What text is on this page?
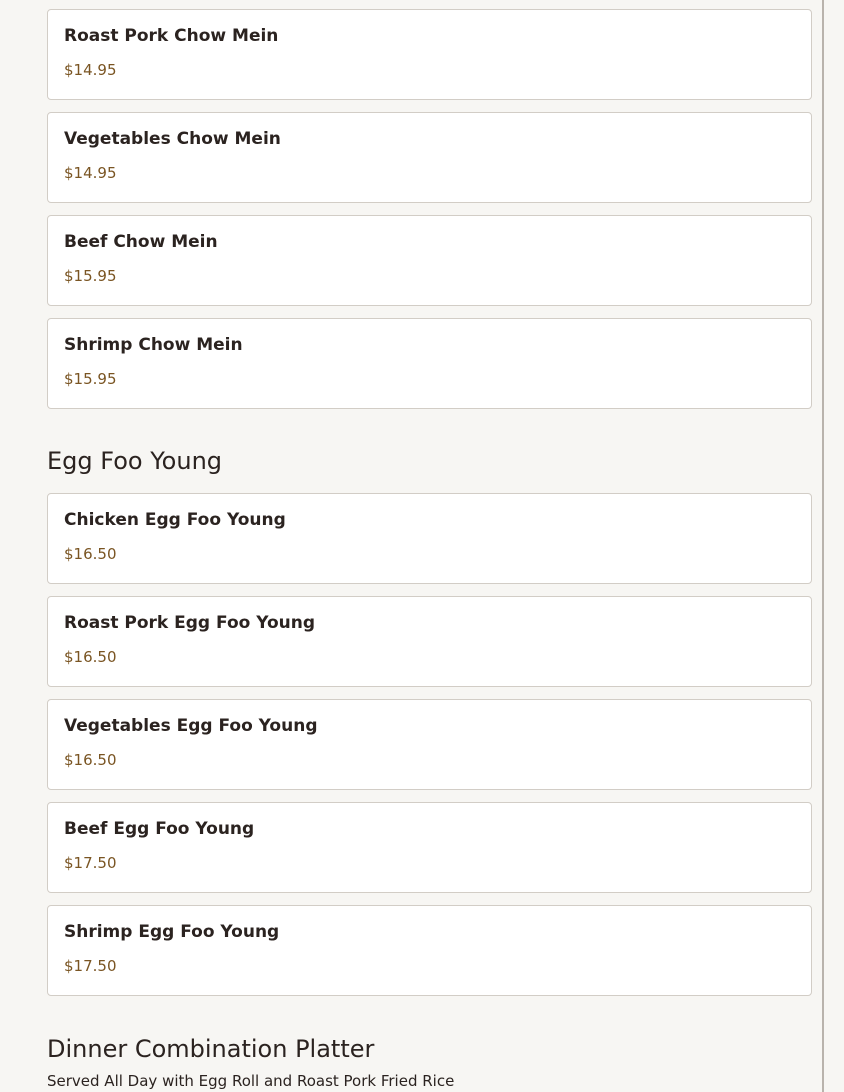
Roast Pork Chow Mein
$14.95
Vegetables Chow Mein
$14.95
Beef Chow Mein
$15.95
Shrimp Chow Mein
$15.95
Egg Foo Young
Chicken Egg Foo Young
$16.50
Roast Pork Egg Foo Young
$16.50
Vegetables Egg Foo Young
$16.50
Beef Egg Foo Young
$17.50
Shrimp Egg Foo Young
$17.50
Dinner Combination Platter
Served All Day with Egg Roll and Roast Pork Fried Rice
